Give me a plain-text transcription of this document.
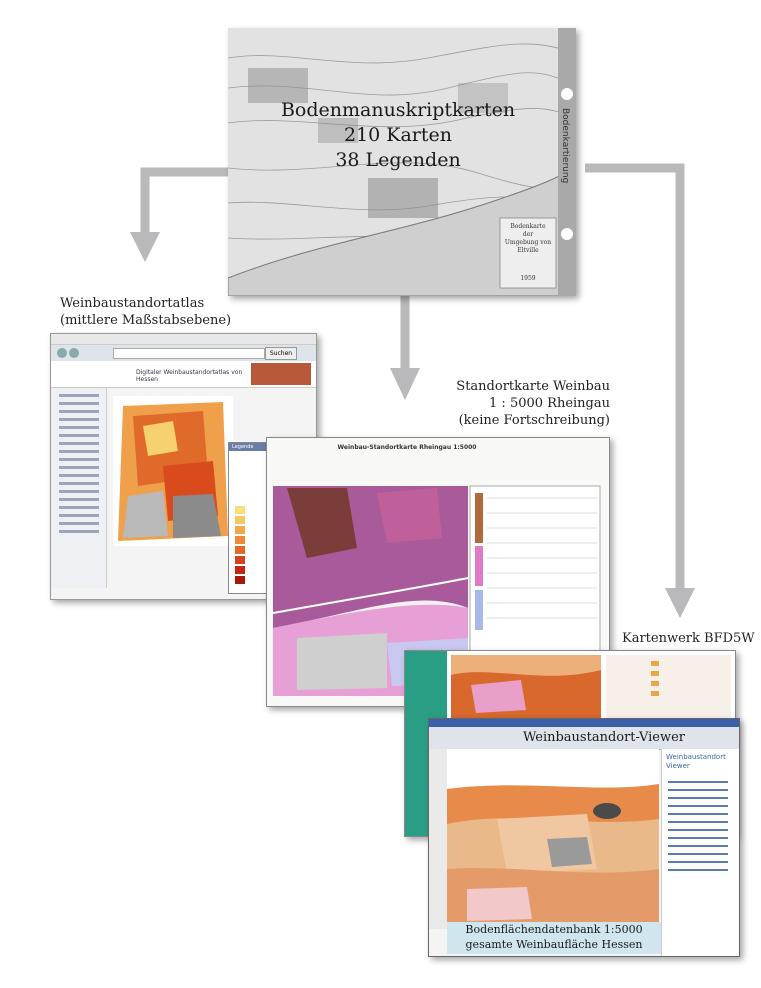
Bodenmanuskriptkarten
210 Karten
38 Legenden	Bodenkartierung
Bodenkarte
der
Umgebung von Eltville
1959
Weinbaustandortatlas
(mittlere Maßstabsebene)
Suchen
Digitaler Weinbaustandortatlas von Hessen
Legende
Standortkarte Weinbau
1 : 5000 Rheingau
(keine Fortschreibung)
Weinbau-Standortkarte Rheingau 1:5000
Kartenwerk BFD5W
Weinbaustandort Viewer
Weinbaustandort-Viewer
Bodenflächendatenbank 1:5000
gesamte Weinbaufläche Hessen
